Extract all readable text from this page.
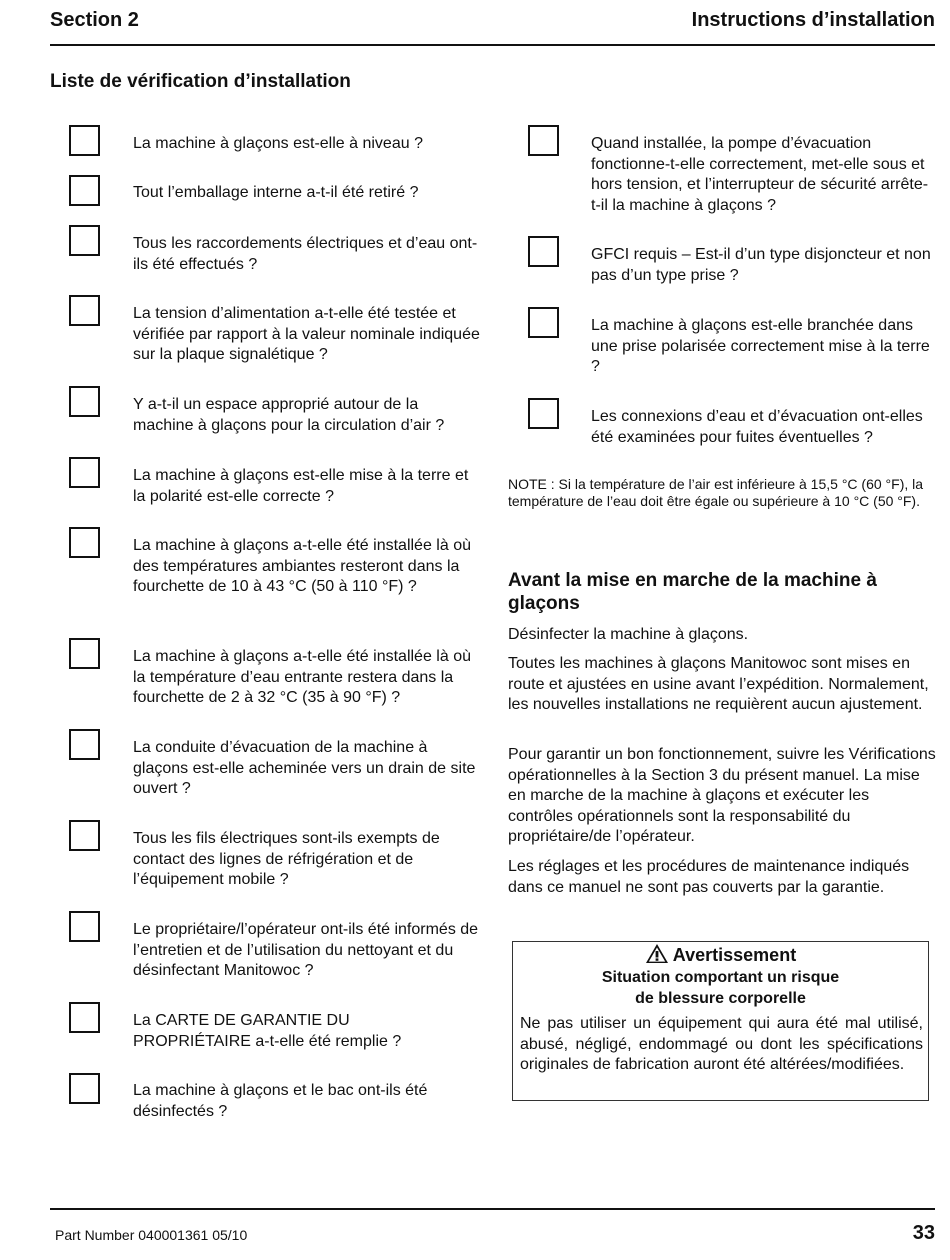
Section 2	Instructions d’installation
Liste de vérification d’installation
La machine à glaçons est-elle à niveau ?
Tout l’emballage interne a-t-il été retiré ?
Tous les raccordements électriques et d’eau ont-ils été effectués ?
La tension d’alimentation a-t-elle été testée et vérifiée par rapport à la valeur nominale indiquée sur la plaque signalétique ?
Y a-t-il un espace approprié autour de la machine à glaçons pour la circulation d’air ?
La machine à glaçons est-elle mise à la terre et la polarité est-elle correcte ?
La machine à glaçons a-t-elle été installée là où des températures ambiantes resteront dans la fourchette de 10 à 43 °C (50 à 110 °F) ?
La machine à glaçons a-t-elle été installée là où la température d’eau entrante restera dans la fourchette de 2 à 32 °C (35 à 90 °F) ?
La conduite d’évacuation de la machine à glaçons est-elle acheminée vers un drain de site ouvert ?
Tous les fils électriques sont-ils exempts de contact des lignes de réfrigération et de l’équipement mobile ?
Le propriétaire/l’opérateur ont-ils été informés de l’entretien et de l’utilisation du nettoyant et du désinfectant Manitowoc ?
La CARTE DE GARANTIE DU PROPRIÉTAIRE a-t-elle été remplie ?
La machine à glaçons et le bac ont-ils été désinfectés ?
Quand installée, la pompe d’évacuation fonctionne-t-elle correctement, met-elle sous et hors tension, et l’interrupteur de sécurité arrête-t-il la machine à glaçons ?
GFCI requis – Est-il d’un type disjoncteur et non pas d’un type prise ?
La machine à glaçons est-elle branchée dans une prise polarisée correctement mise à la terre ?
Les connexions d’eau et d’évacuation ont-elles été examinées pour fuites éventuelles ?
NOTE : Si la température de l’air est inférieure à 15,5 °C (60 °F), la température de l’eau doit être égale ou supérieure à 10 °C (50 °F).
Avant la mise en marche de la machine à glaçons
Désinfecter la machine à glaçons.
Toutes les machines à glaçons Manitowoc sont mises en route et ajustées en usine avant l’expédition. Normalement, les nouvelles installations ne requièrent aucun ajustement.
Pour garantir un bon fonctionnement, suivre les Vérifications opérationnelles à la Section 3 du présent manuel. La mise en marche de la machine à glaçons et exécuter les contrôles opérationnels sont la responsabilité du propriétaire/de l’opérateur.
Les réglages et les procédures de maintenance indiqués dans ce manuel ne sont pas couverts par la garantie.
Avertissement
Situation comportant un risque
de blessure corporelle
Ne pas utiliser un équipement qui aura été mal utilisé, abusé, négligé, endommagé ou dont les spécifications originales de fabrication auront été altérées/modifiées.
Part Number 040001361 05/10	33
